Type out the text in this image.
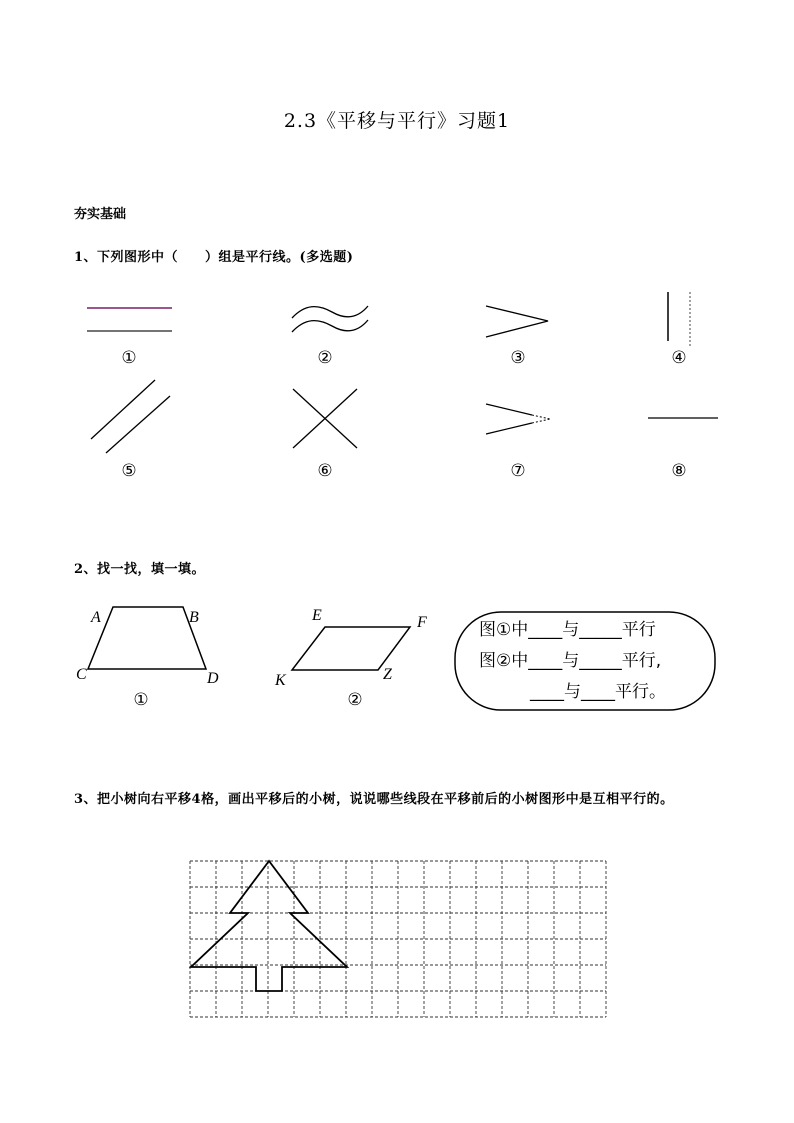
2.3《平移与平行》习题1
夯实基础
1、下列图形中（　　）组是平行线。(多选题)
①	②	③	④
⑤	⑥	⑦	⑧
2、找一找，填一填。
A	B
C	D
①
E	F
K	Z
②
图①中____与_____平行
图②中____与_____平行,
____与____平行。
3、把小树向右平移4格，画出平移后的小树，说说哪些线段在平移前后的小树图形中是互相平行的。
